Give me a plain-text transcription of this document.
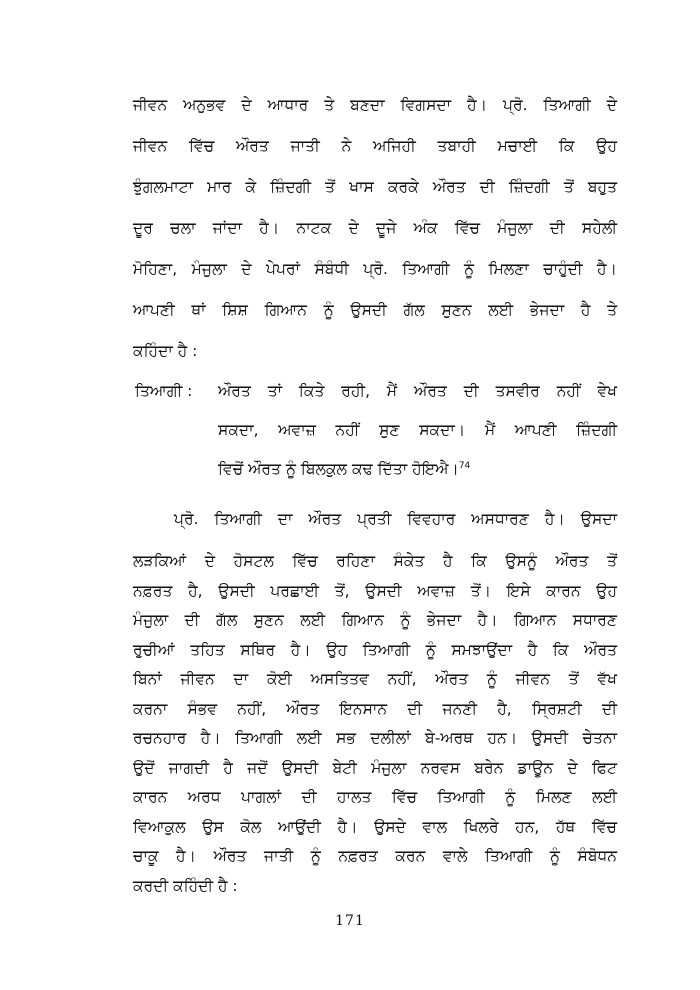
ਜੀਵਨ ਅਨੁਭਵ ਦੇ ਆਧਾਰ ਤੇ ਬਣਦਾ ਵਿਗਸਦਾ ਹੈ। ਪ੍ਰੋ. ਤਿਆਗੀ ਦੇ
ਜੀਵਨ ਵਿੱਚ ਔਰਤ ਜਾਤੀ ਨੇ ਅਜਿਹੀ ਤਬਾਹੀ ਮਚਾਈ ਕਿ ਉਹ
ਝੁੰਗਲਮਾਟਾ ਮਾਰ ਕੇ ਜ਼ਿੰਦਗੀ ਤੋਂ ਖਾਸ ਕਰਕੇ ਔਰਤ ਦੀ ਜ਼ਿੰਦਗੀ ਤੋਂ ਬਹੁਤ
ਦੂਰ ਚਲਾ ਜਾਂਦਾ ਹੈ। ਨਾਟਕ ਦੇ ਦੂਜੇ ਅੰਕ ਵਿੱਚ ਮੰਜੁਲਾ ਦੀ ਸਹੇਲੀ
ਮੋਹਿਣਾ, ਮੰਜੁਲਾ ਦੇ ਪੇਪਰਾਂ ਸੰਬੰਧੀ ਪ੍ਰੋ. ਤਿਆਗੀ ਨੂੰ ਮਿਲਣਾ ਚਾਹੁੰਦੀ ਹੈ।
ਆਪਣੀ ਥਾਂ ਸ਼ਿਸ਼ ਗਿਆਨ ਨੂੰ ਉਸਦੀ ਗੱਲ ਸੁਣਨ ਲਈ ਭੇਜਦਾ ਹੈ ਤੇ
ਕਹਿੰਦਾ ਹੈ :
ਤਿਆਗੀ : ਔਰਤ ਤਾਂ ਕਿਤੇ ਰਹੀ, ਮੈਂ ਔਰਤ ਦੀ ਤਸਵੀਰ ਨਹੀਂ ਵੇਖ
ਸਕਦਾ, ਅਵਾਜ਼ ਨਹੀਂ ਸੁਣ ਸਕਦਾ। ਮੈਂ ਆਪਣੀ ਜ਼ਿੰਦਗੀ
ਵਿਚੋਂ ਔਰਤ ਨੂੰ ਬਿਲਕੁਲ ਕਢ ਦਿੱਤਾ ਹੋਇਐ।$^{74}$
ਪ੍ਰੋ. ਤਿਆਗੀ ਦਾ ਔਰਤ ਪ੍ਰਤੀ ਵਿਵਹਾਰ ਅਸਧਾਰਣ ਹੈ। ਉਸਦਾ
ਲੜਕਿਆਂ ਦੇ ਹੋਸਟਲ ਵਿੱਚ ਰਹਿਣਾ ਸੰਕੇਤ ਹੈ ਕਿ ਉਸਨੂੰ ਔਰਤ ਤੋਂ
ਨਫ਼ਰਤ ਹੈ, ਉਸਦੀ ਪਰਛਾਈ ਤੋਂ, ਉਸਦੀ ਅਵਾਜ਼ ਤੋਂ। ਇਸੇ ਕਾਰਨ ਉਹ
ਮੰਜੁਲਾ ਦੀ ਗੱਲ ਸੁਣਨ ਲਈ ਗਿਆਨ ਨੂੰ ਭੇਜਦਾ ਹੈ। ਗਿਆਨ ਸਧਾਰਣ
ਰੁਚੀਆਂ ਤਹਿਤ ਸਥਿਰ ਹੈ। ਉਹ ਤਿਆਗੀ ਨੂੰ ਸਮਝਾਉਂਦਾ ਹੈ ਕਿ ਔਰਤ
ਬਿਨਾਂ ਜੀਵਨ ਦਾ ਕੋਈ ਅਸਤਿਤਵ ਨਹੀਂ, ਔਰਤ ਨੂੰ ਜੀਵਨ ਤੋਂ ਵੱਖ
ਕਰਨਾ ਸੰਭਵ ਨਹੀਂ, ਔਰਤ ਇਨਸਾਨ ਦੀ ਜਨਣੀ ਹੈ, ਸ੍ਰਿਸ਼ਟੀ ਦੀ
ਰਚਨਹਾਰ ਹੈ। ਤਿਆਗੀ ਲਈ ਸਭ ਦਲੀਲਾਂ ਬੇ-ਅਰਥ ਹਨ। ਉਸਦੀ ਚੇਤਨਾ
ਉਦੋਂ ਜਾਗਦੀ ਹੈ ਜਦੋਂ ਉਸਦੀ ਬੇਟੀ ਮੰਜੁਲਾ ਨਰਵਸ ਬਰੇਨ ਡਾਊਨ ਦੇ ਫਿਟ
ਕਾਰਨ ਅਰਧ ਪਾਗਲਾਂ ਦੀ ਹਾਲਤ ਵਿੱਚ ਤਿਆਗੀ ਨੂੰ ਮਿਲਣ ਲਈ
ਵਿਆਕੁਲ ਉਸ ਕੋਲ ਆਉਂਦੀ ਹੈ। ਉਸਦੇ ਵਾਲ ਖਿਲਰੇ ਹਨ, ਹੱਥ ਵਿੱਚ
ਚਾਕੂ ਹੈ। ਔਰਤ ਜਾਤੀ ਨੂੰ ਨਫ਼ਰਤ ਕਰਨ ਵਾਲੇ ਤਿਆਗੀ ਨੂੰ ਸੰਬੋਧਨ
ਕਰਦੀ ਕਹਿੰਦੀ ਹੈ :
171
